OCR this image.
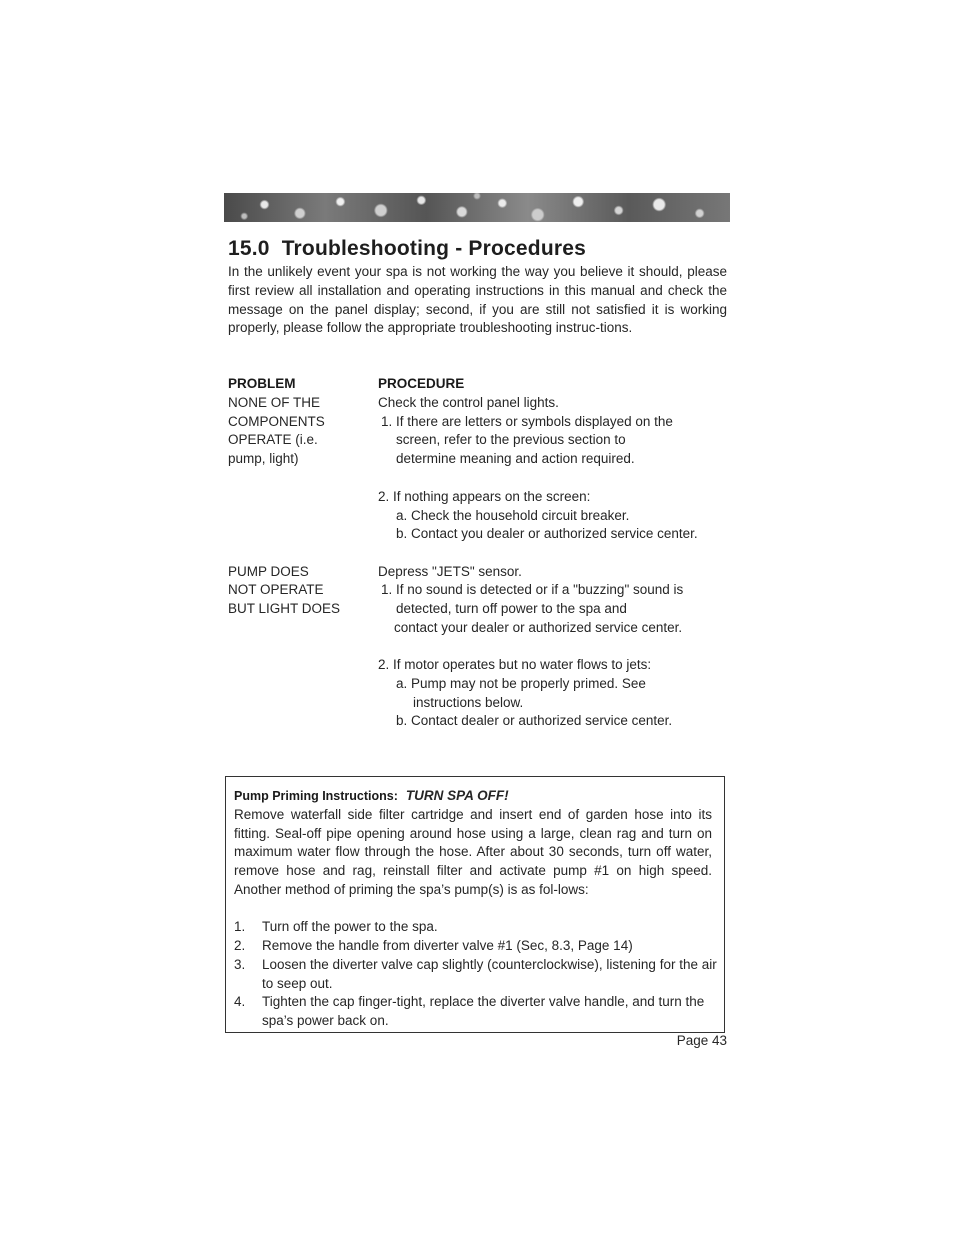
15.0 Troubleshooting - Procedures

In the unlikely event your spa is not working the way you believe it should, please first review all installation and operating instructions in this manual and check the message on the panel display; second, if you are still not satisfied it is working properly, please follow the appropriate troubleshooting instruc-tions.

PROBLEM	PROCEDURE

NONE OF THE

COMPONENTS

OPERATE (i.e.

pump, light)

Check the control panel lights.

1. If there are letters or symbols displayed on the

screen, refer to the previous section to

determine meaning and action required.

2. If nothing appears on the screen:

a. Check the household circuit breaker.

b. Contact you dealer or authorized service center.

PUMP DOES

NOT OPERATE

BUT LIGHT DOES

Depress "JETS" sensor.

1. If no sound is detected or if a "buzzing" sound is

detected, turn off power to the spa and

contact your dealer or authorized service center.

2. If motor operates but no water flows to jets:

a. Pump may not be properly primed. See

instructions below.

b. Contact dealer or authorized service center.

Pump Priming Instructions: TURN SPA OFF!
Remove waterfall side filter cartridge and insert end of garden hose into its fitting. Seal-off pipe opening around hose using a large, clean rag and turn on maximum water flow through the hose. After about 30 seconds, turn off water, remove hose and rag, reinstall filter and activate pump #1 on high speed. Another method of priming the spa’s pump(s) is as fol-lows:

1. Turn off the power to the spa.
2. Remove the handle from diverter valve #1 (Sec, 8.3, Page 14)
3. Loosen the diverter valve cap slightly (counterclockwise), listening for the air to seep out.
4. Tighten the cap finger-tight, replace the diverter valve handle, and turn the spa’s power back on.

Page 43
